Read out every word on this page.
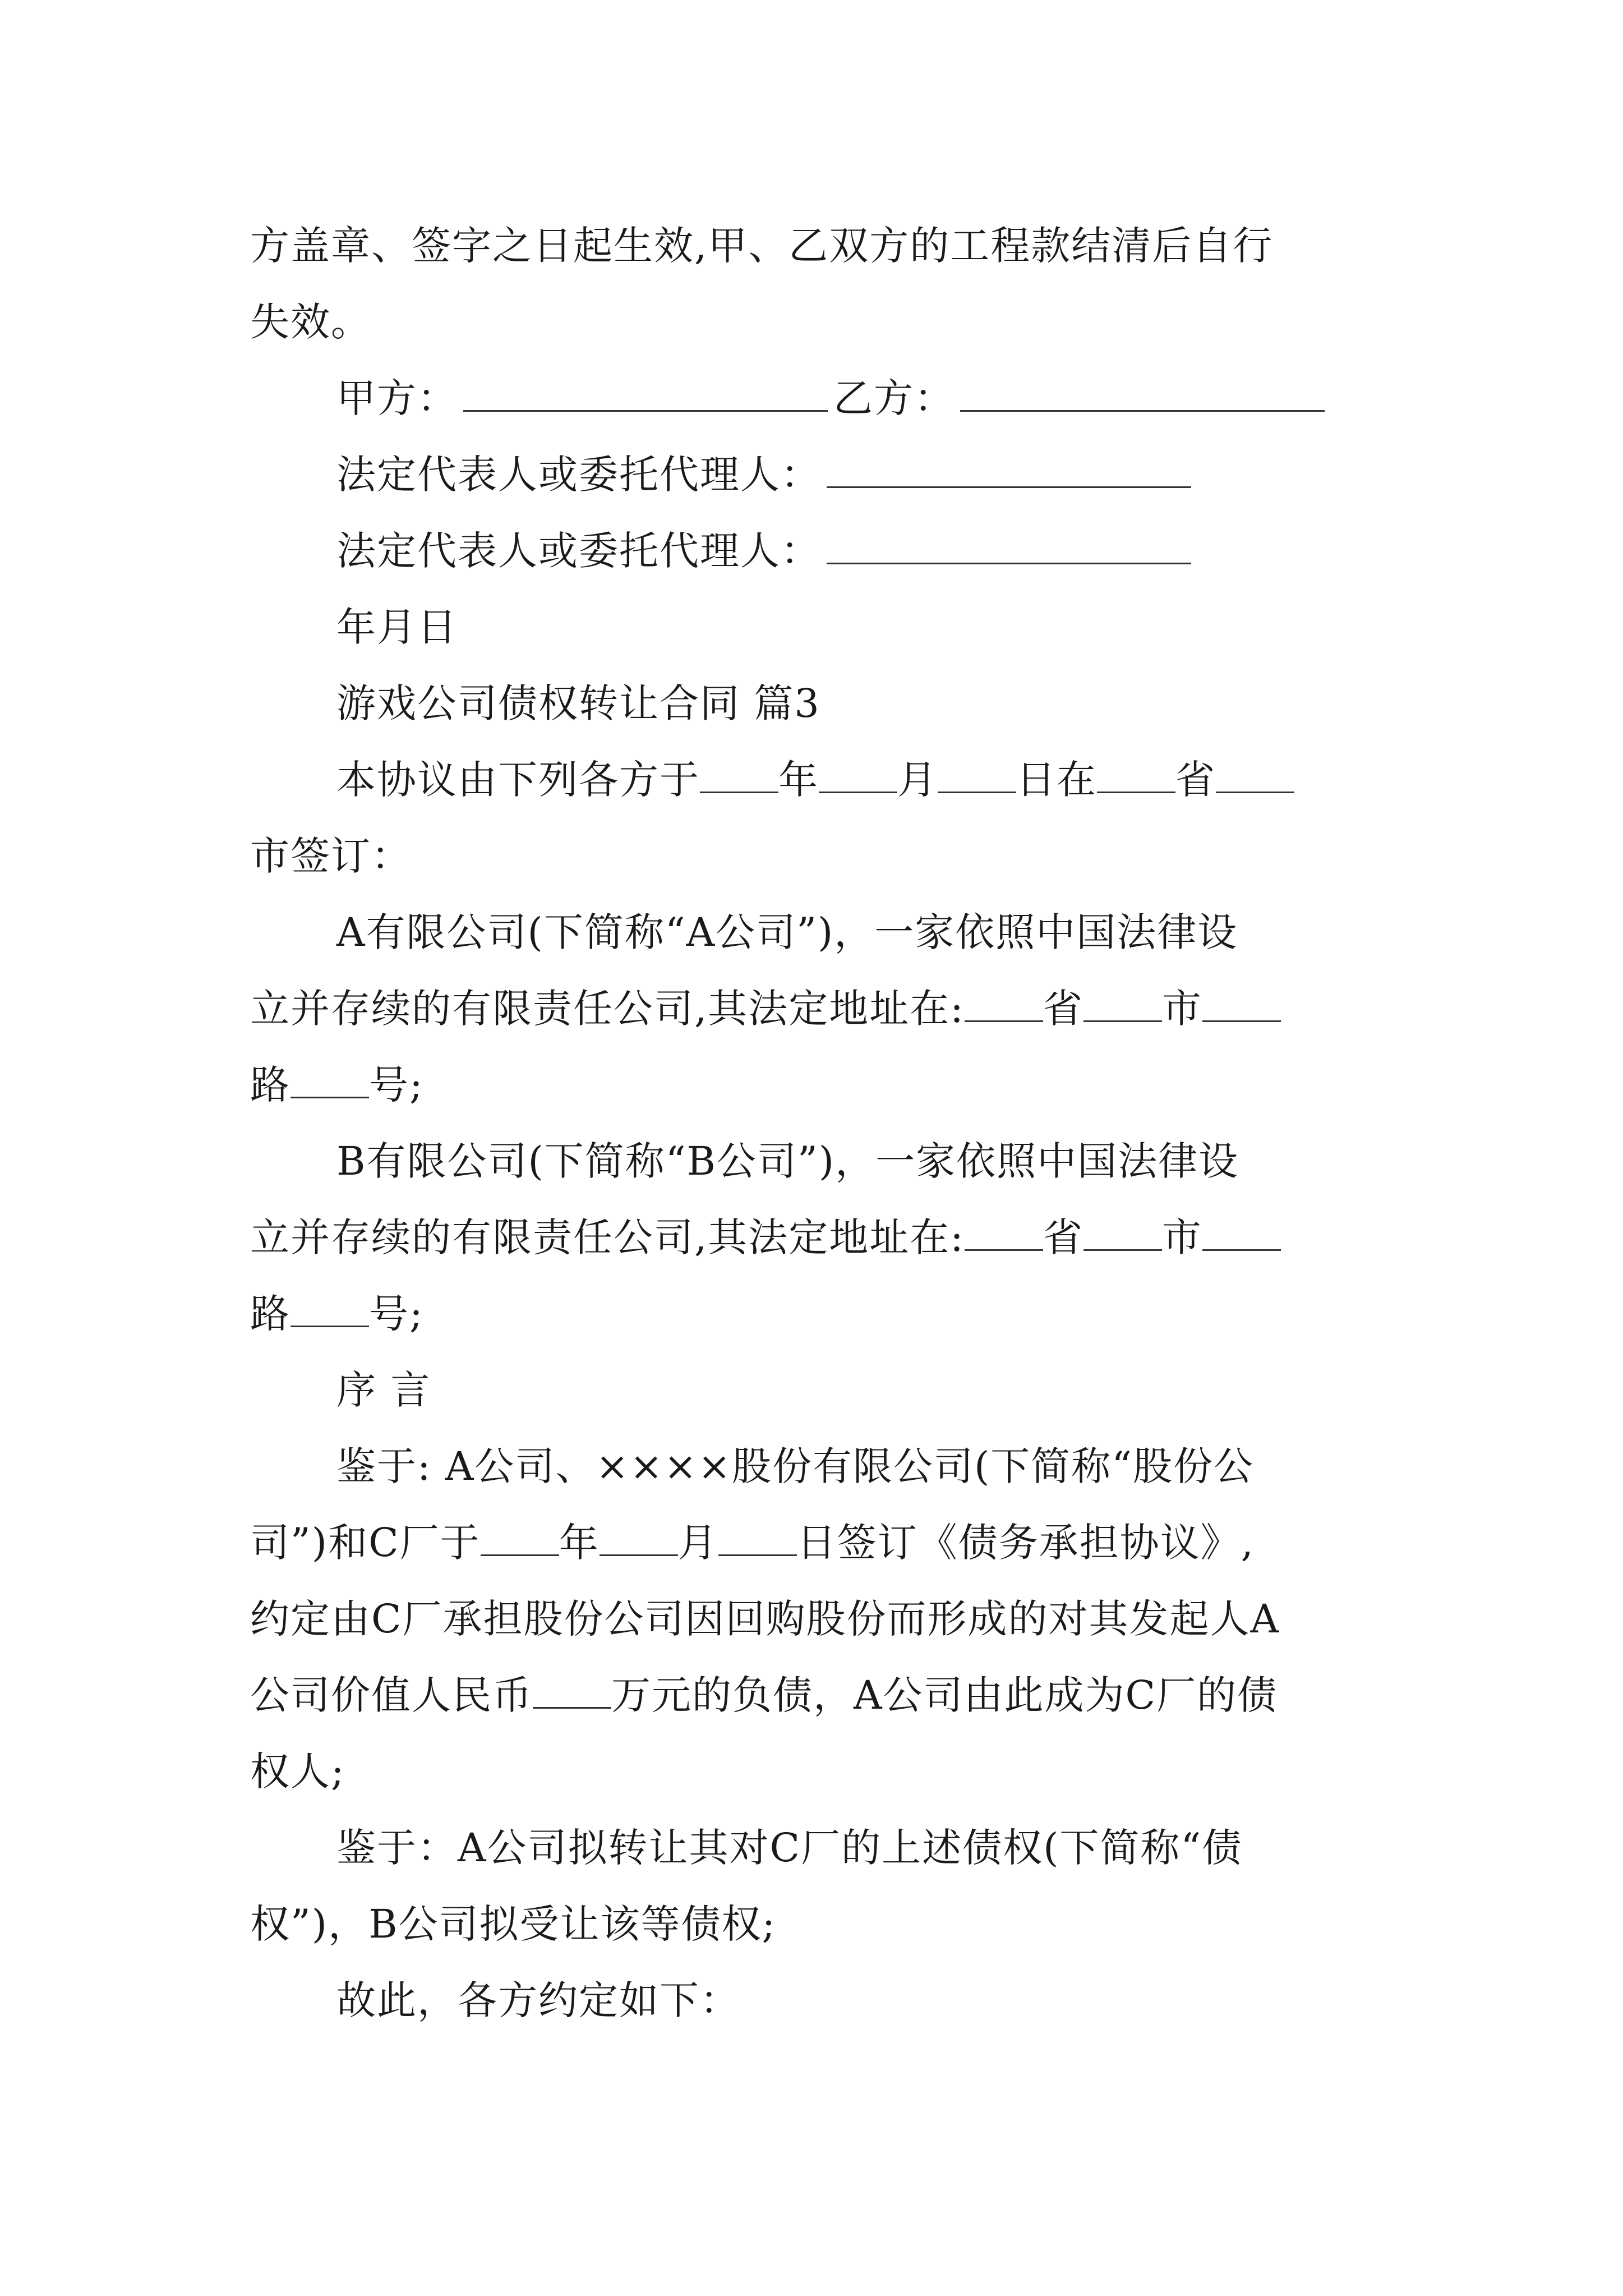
方盖章、签字之日起生效,甲、乙双方的工程款结清后自行
失效。
甲方：	乙方：
法定代表人或委托代理人：
法定代表人或委托代理人：
年月日
游戏公司债权转让合同 篇3
本协议由下列各方于 年 月 日在 省
市签订：
A有限公司(下简称“A公司”)，一家依照中国法律设
立并存续的有限责任公司,其法定地址在: 省 市
路 号;
B有限公司(下简称“B公司”)，一家依照中国法律设
立并存续的有限责任公司,其法定地址在: 省 市
路 号;
序 言
鉴于: A公司、××××股份有限公司(下简称“股份公
司”)和C厂于 年 月 日签订《债务承担协议》,
约定由C厂承担股份公司因回购股份而形成的对其发起人A
公司价值人民币 万元的负债，A公司由此成为C厂的债
权人;
鉴于：A公司拟转让其对C厂的上述债权(下简称“债
权”)，B公司拟受让该等债权;
故此，各方约定如下：
